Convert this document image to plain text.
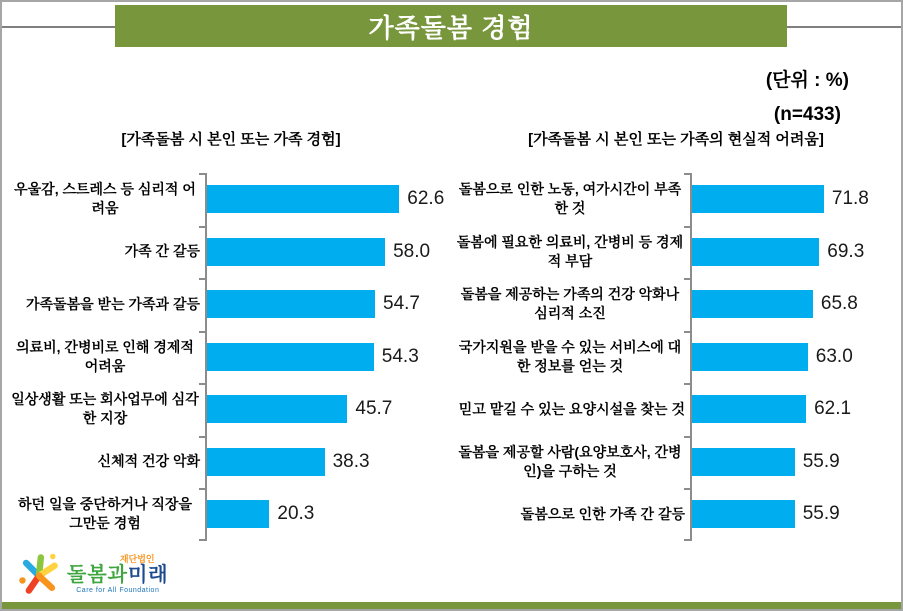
가족돌봄 경험
(단위 : %)
(n=433)
[가족돌봄 시 본인 또는 가족 경험]
우울감, 스트레스 등 심리적 어려움	62.6
가족 간 갈등	58.0
가족돌봄을 받는 가족과 갈등	54.7
의료비, 간병비로 인해 경제적 어려움	54.3
일상생활 또는 회사업무에 심각한 지장	45.7
신체적 건강 악화	38.3
하던 일을 중단하거나 직장을 그만둔 경험	20.3
[가족돌봄 시 본인 또는 가족의 현실적 어려움]
돌봄으로 인한 노동, 여가시간이 부족한 것	71.8
돌봄에 필요한 의료비, 간병비 등 경제적 부담	69.3
돌봄을 제공하는 가족의 건강 악화나 심리적 소진	65.8
국가지원을 받을 수 있는 서비스에 대한 정보를 얻는 것	63.0
믿고 맡길 수 있는 요양시설을 찾는 것	62.1
돌봄을 제공할 사람(요양보호사, 간병인)을 구하는 것	55.9
돌봄으로 인한 가족 간 갈등	55.9
재단법인
돌봄과미래
Care for All Foundation
